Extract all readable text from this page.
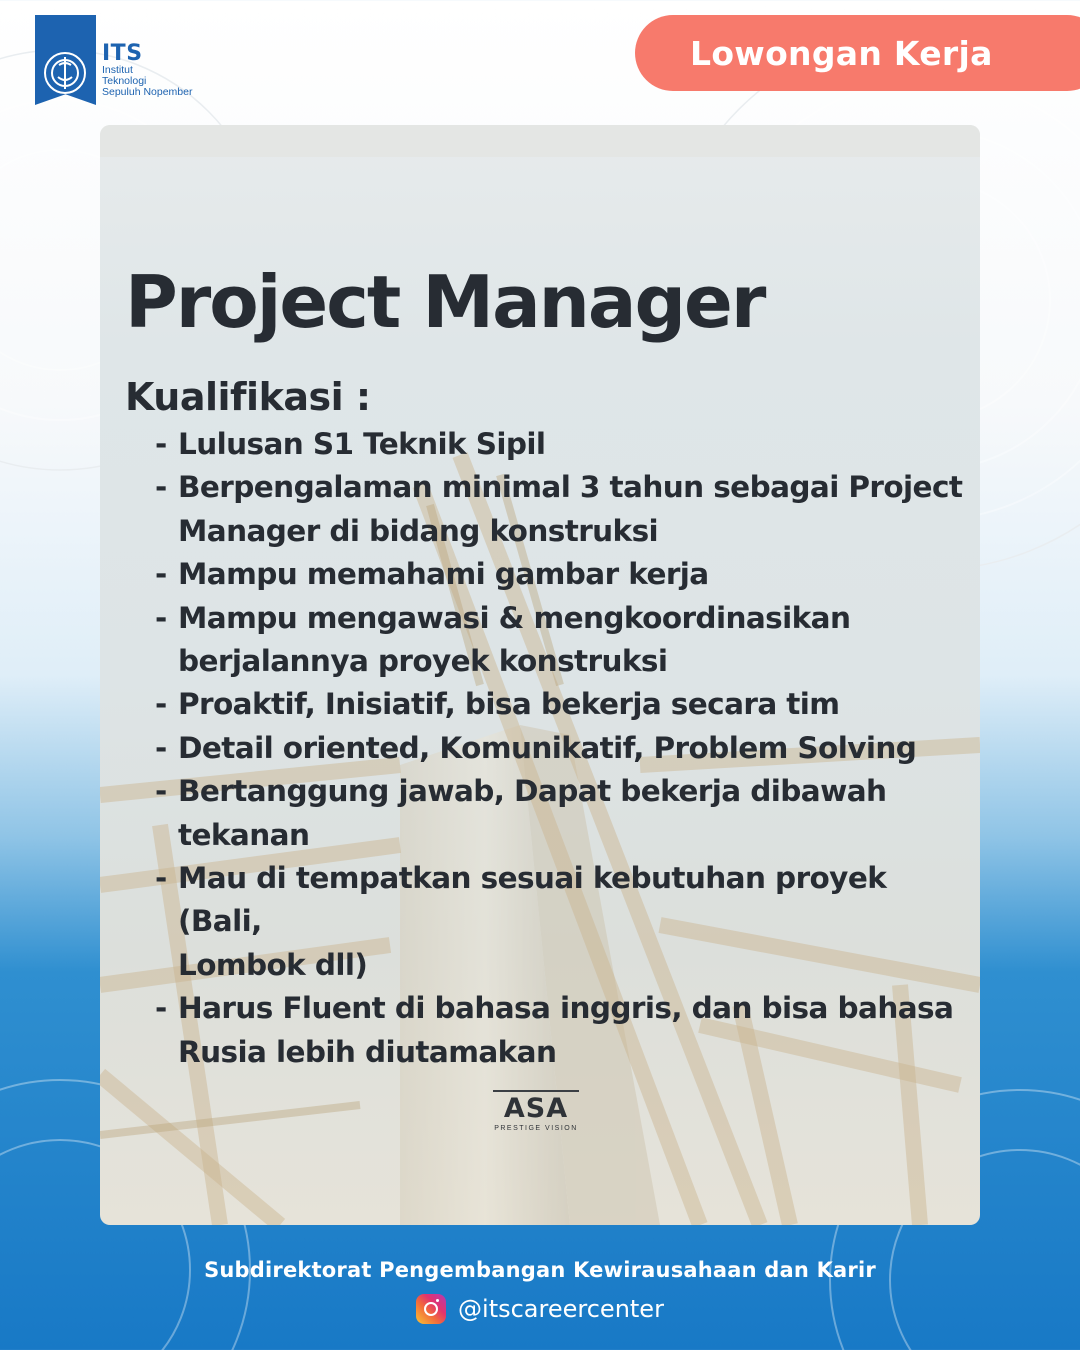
ITS
Institut
Teknologi
Sepuluh Nopember
Lowongan Kerja
Project Manager
Kualifikasi :
- Lulusan S1 Teknik Sipil
- Berpengalaman minimal 3 tahun sebagai Project
Manager di bidang konstruksi
- Mampu memahami gambar kerja
- Mampu mengawasi & mengkoordinasikan
berjalannya proyek konstruksi
- Proaktif, Inisiatif, bisa bekerja secara tim
- Detail oriented, Komunikatif, Problem Solving
- Bertanggung jawab, Dapat bekerja dibawah
tekanan
- Mau di tempatkan sesuai kebutuhan proyek (Bali,
Lombok dll)
- Harus Fluent di bahasa inggris, dan bisa bahasa
Rusia lebih diutamakan
ASA
PRESTIGE VISION
Subdirektorat Pengembangan Kewirausahaan dan Karir
@itscareercenter
